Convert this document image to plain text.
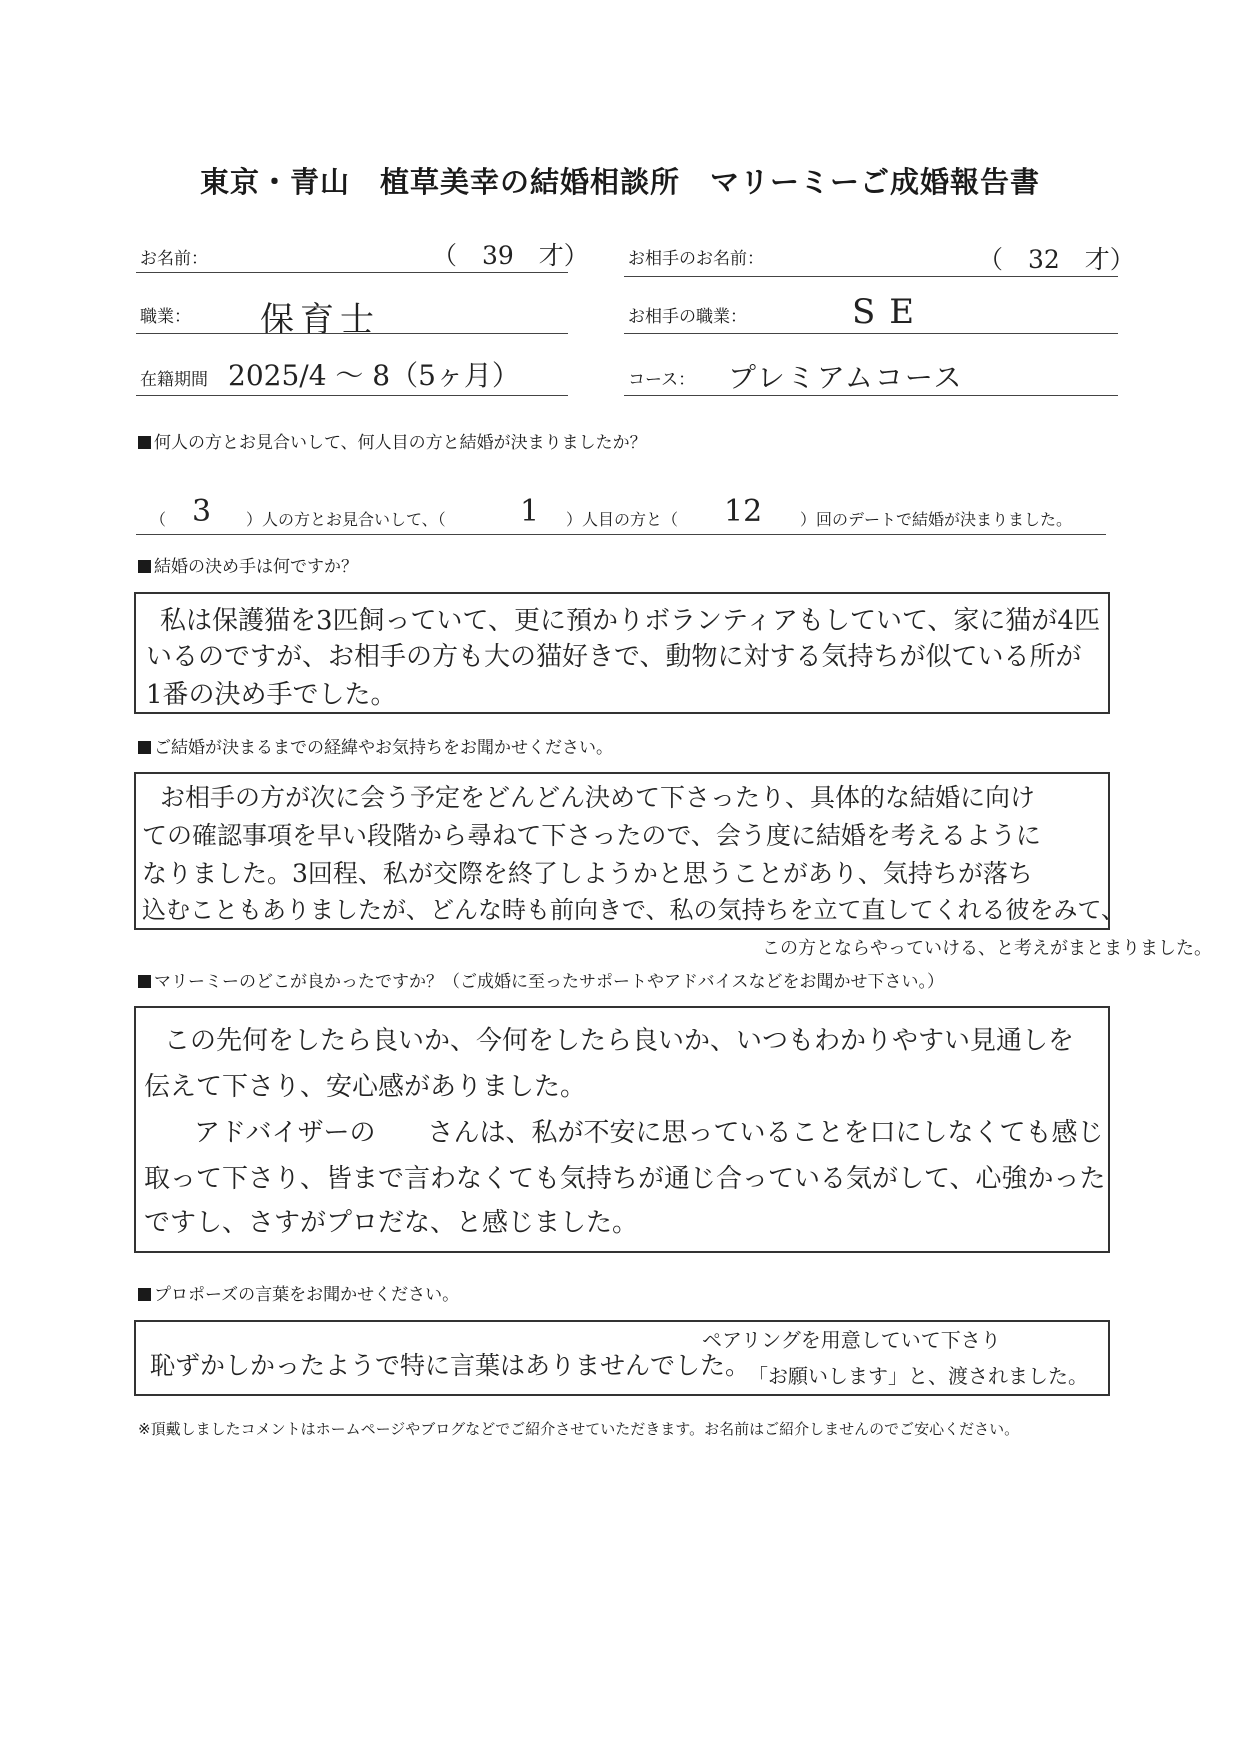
東京・青山　植草美幸の結婚相談所　マリーミーご成婚報告書
お名前：	（　39　才） お相手のお名前：	（　32　才）
職業： 保育士	お相手の職業：	SE
在籍期間 2025/4 ～ 8（5ヶ月）	コース： プレミアムコース
何人の方とお見合いして、何人目の方と結婚が決まりましたか？
（ 3 ）人の方とお見合いして、（ 1 ）人目の方と（ 12 ）回のデートで結婚が決まりました。
結婚の決め手は何ですか？
私は保護猫を3匹飼っていて、更に預かりボランティアもしていて、家に猫が4匹
いるのですが、お相手の方も大の猫好きで、動物に対する気持ちが似ている所が
1番の決め手でした。
ご結婚が決まるまでの経緯やお気持ちをお聞かせください。
お相手の方が次に会う予定をどんどん決めて下さったり、具体的な結婚に向け
ての確認事項を早い段階から尋ねて下さったので、会う度に結婚を考えるように
なりました。3回程、私が交際を終了しようかと思うことがあり、気持ちが落ち
込むこともありましたが、どんな時も前向きで、私の気持ちを立て直してくれる彼をみて、
この方とならやっていける、と考えがまとまりました。
マリーミーのどこが良かったですか？（ご成婚に至ったサポートやアドバイスなどをお聞かせ下さい。）
この先何をしたら良いか、今何をしたら良いか、いつもわかりやすい見通しを
伝えて下さり、安心感がありました。
アドバイザーの　　さんは、私が不安に思っていることを口にしなくても感じ
取って下さり、皆まで言わなくても気持ちが通じ合っている気がして、心強かった
ですし、さすがプロだな、と感じました。
プロポーズの言葉をお聞かせください。
恥ずかしかったようで特に言葉はありませんでした。
ペアリングを用意していて下さり
「お願いします」と、渡されました。
※頂戴しましたコメントはホームページやブログなどでご紹介させていただきます。お名前はご紹介しませんのでご安心ください。
